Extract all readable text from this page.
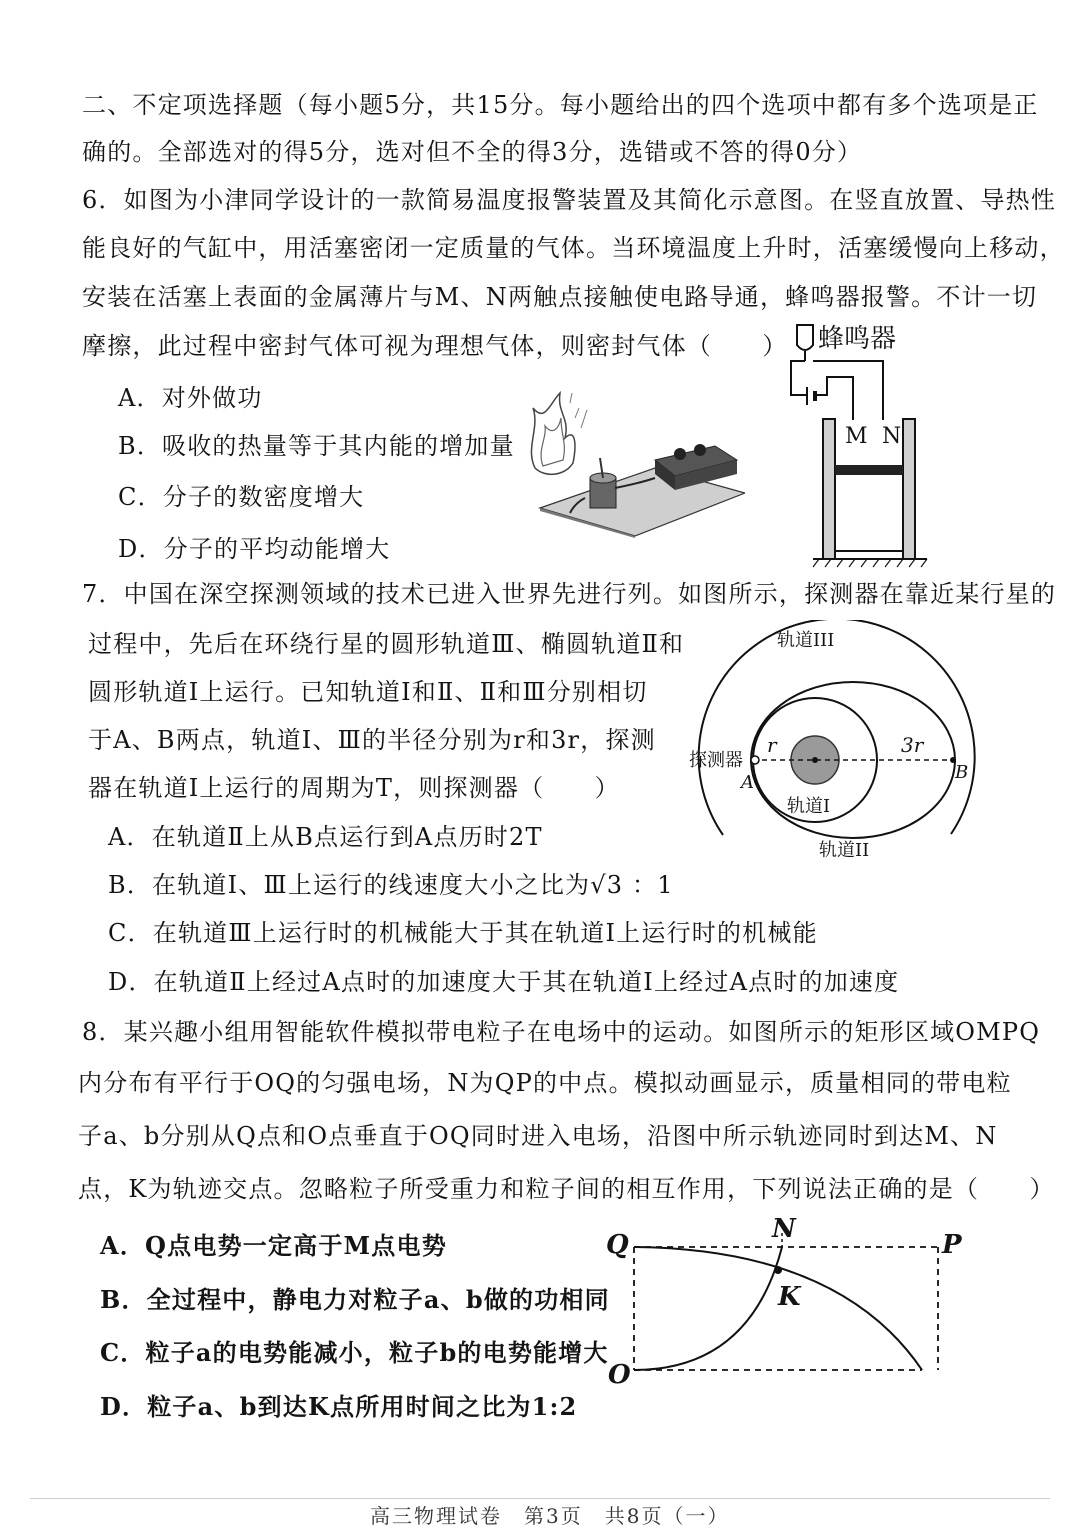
二、不定项选择题（每小题5分，共15分。每小题给出的四个选项中都有多个选项是正
确的。全部选对的得5分，选对但不全的得3分，选错或不答的得0分）
6．如图为小津同学设计的一款简易温度报警装置及其简化示意图。在竖直放置、导热性
能良好的气缸中，用活塞密闭一定质量的气体。当环境温度上升时，活塞缓慢向上移动，
安装在活塞上表面的金属薄片与M、N两触点接触使电路导通，蜂鸣器报警。不计一切
摩擦，此过程中密封气体可视为理想气体，则密封气体（　　）
A．对外做功
B．吸收的热量等于其内能的增加量
C．分子的数密度增大
D．分子的平均动能增大
蜂鸣器
M N
7．中国在深空探测领域的技术已进入世界先进行列。如图所示，探测器在靠近某行星的
过程中，先后在环绕行星的圆形轨道Ⅲ、椭圆轨道Ⅱ和
圆形轨道Ⅰ上运行。已知轨道Ⅰ和Ⅱ、Ⅱ和Ⅲ分别相切
于A、B两点，轨道Ⅰ、Ⅲ的半径分别为r和3r，探测
器在轨道Ⅰ上运行的周期为T，则探测器（　　）
A．在轨道Ⅱ上从B点运行到A点历时2T
B．在轨道Ⅰ、Ⅲ上运行的线速度大小之比为√3 ：1
C．在轨道Ⅲ上运行时的机械能大于其在轨道Ⅰ上运行时的机械能
D．在轨道Ⅱ上经过A点时的加速度大于其在轨道Ⅰ上经过A点时的加速度
轨道III
探测器
r	3r
A	B
轨道I
轨道II
8．某兴趣小组用智能软件模拟带电粒子在电场中的运动。如图所示的矩形区域OMPQ
内分布有平行于OQ的匀强电场，N为QP的中点。模拟动画显示，质量相同的带电粒
子a、b分别从Q点和O点垂直于OQ同时进入电场，沿图中所示轨迹同时到达M、N
点，K为轨迹交点。忽略粒子所受重力和粒子间的相互作用，下列说法正确的是（　　）
A．Q点电势一定高于M点电势
B．全过程中，静电力对粒子a、b做的功相同
C．粒子a的电势能减小，粒子b的电势能增大
D．粒子a、b到达K点所用时间之比为1:2
Q
N
P
K
O
高三物理试卷　第3页　共8页（一）
